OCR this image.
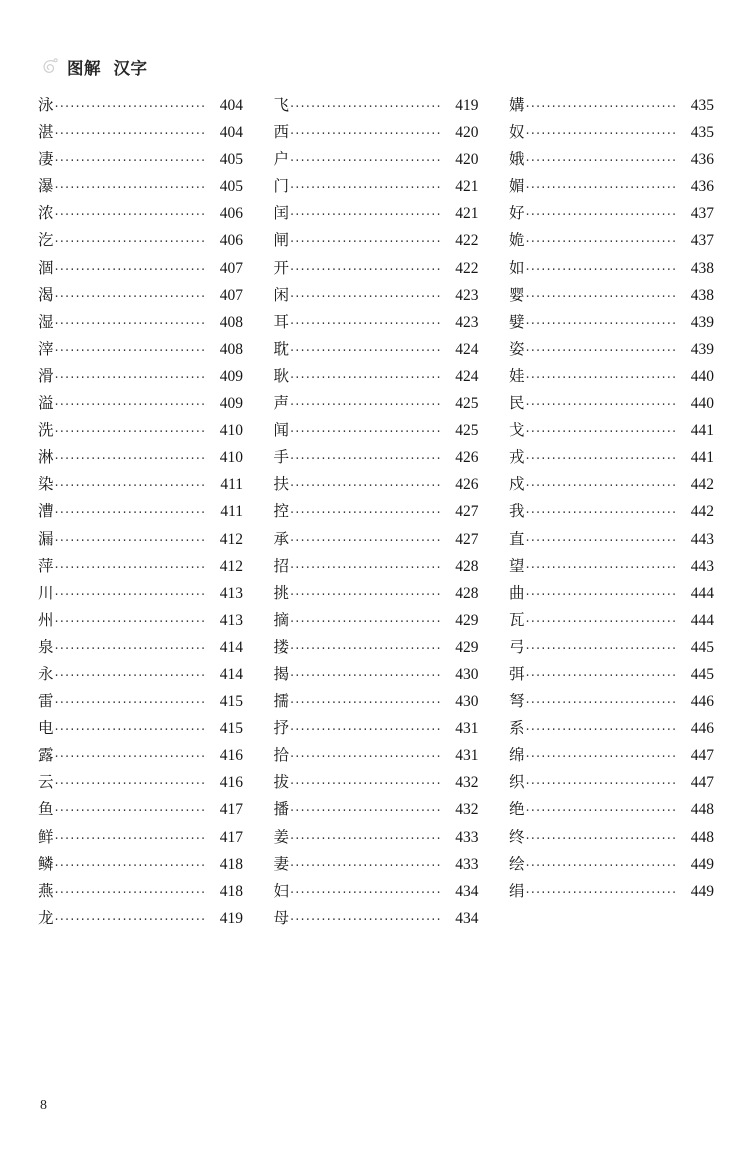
图解  汉字
泳 ·····	404
湛 ·····	404
凄 ·····	405
瀑 ·····	405
浓 ·····	406
汔 ·····	406
涸 ·····	407
渴 ·····	407
湿 ·····	408
滓 ·····	408
滑 ·····	409
溢 ·····	409
洗 ·····	410
淋 ·····	410
染 ·····	411
漕 ·····	411
漏 ·····	412
萍 ·····	412
川 ·····	413
州 ·····	413
泉 ·····	414
永 ·····	414
雷 ·····	415
电 ·····	415
露 ·····	416
云 ·····	416
鱼 ·····	417
鲜 ·····	417
鳞 ·····	418
燕 ·····	418
龙 ·····	419
飞 ·····	419
西 ·····	420
户 ·····	420
门 ·····	421
闰 ·····	421
闸 ·····	422
开 ·····	422
闲 ·····	423
耳 ·····	423
耽 ·····	424
耿 ·····	424
声 ·····	425
闻 ·····	425
手 ·····	426
扶 ·····	426
控 ·····	427
承 ·····	427
招 ·····	428
挑 ·····	428
摘 ·····	429
搂 ·····	429
揭 ·····	430
擩 ·····	430
抒 ·····	431
拾 ·····	431
拔 ·····	432
播 ·····	432
姜 ·····	433
妻 ·····	433
妇 ·····	434
母 ·····	434
媾 ·····	435
奴 ·····	435
娥 ·····	436
媚 ·····	436
好 ·····	437
姽 ·····	437
如 ·····	438
婴 ·····	438
嬖 ·····	439
姿 ·····	439
娃 ·····	440
民 ·····	440
戈 ·····	441
戎 ·····	441
戍 ·····	442
我 ·····	442
直 ·····	443
望 ·····	443
曲 ·····	444
瓦 ·····	444
弓 ·····	445
弭 ·····	445
弩 ·····	446
系 ·····	446
绵 ·····	447
织 ·····	447
绝 ·····	448
终 ·····	448
绘 ·····	449
绢 ·····	449
8
